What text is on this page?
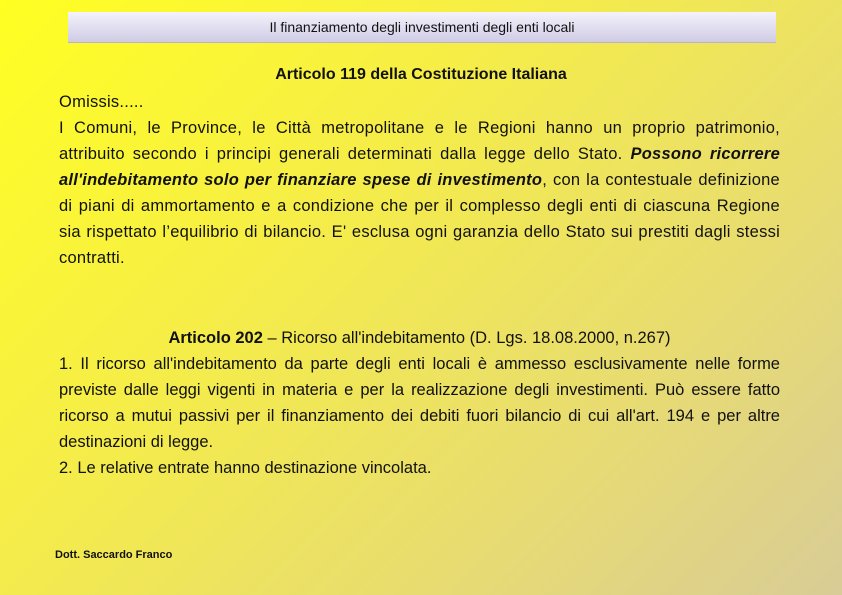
Il finanziamento degli investimenti degli enti locali
Articolo 119 della Costituzione Italiana
Omissis.....
I Comuni, le Province, le Città metropolitane e le Regioni hanno un proprio patrimonio, attribuito secondo i principi generali determinati dalla legge dello Stato. Possono ricorrere all'indebitamento solo per finanziare spese di investimento, con la contestuale definizione di piani di ammortamento e a condizione che per il complesso degli enti di ciascuna Regione sia rispettato l’equilibrio di bilancio. E' esclusa ogni garanzia dello Stato sui prestiti dagli stessi contratti.
Articolo 202 – Ricorso all'indebitamento (D. Lgs. 18.08.2000, n.267)
1. Il ricorso all'indebitamento da parte degli enti locali è ammesso esclusivamente nelle forme previste dalle leggi vigenti in materia e per la realizzazione degli investimenti. Può essere fatto ricorso a mutui passivi per il finanziamento dei debiti fuori bilancio di cui all'art. 194 e per altre destinazioni di legge.
2. Le relative entrate hanno destinazione vincolata.
Dott. Saccardo Franco
